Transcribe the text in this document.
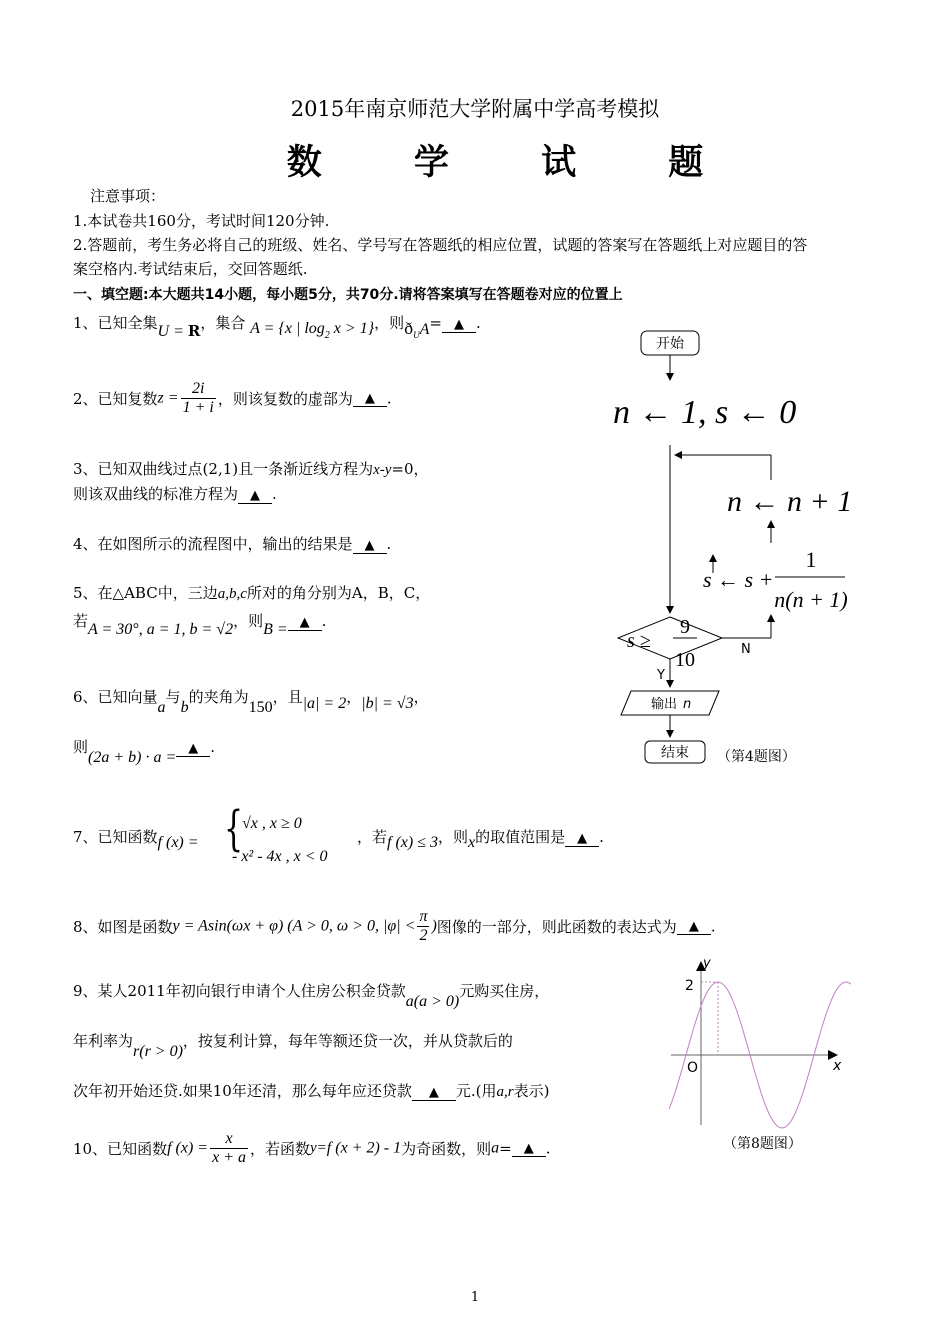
2015年南京师范大学附属中学高考模拟
数 学 试 题
注意事项：
1.本试卷共160分，考试时间120分钟.
2.答题前，考生务必将自己的班级、姓名、学号写在答题纸的相应位置，试题的答案写在答题纸上对应题目的答
案空格内.考试结束后，交回答题纸.
一、填空题:本大题共14小题，每小题5分，共70分.请将答案填写在答题卷对应的位置上
1、已知全集U = R，集合 A = {x | $\log_2 x > 1$}，则$ð_UA=$ ▲ .
2、已知复数$z = \frac{2i}{1 + i}$ ，则该复数的虚部为 ▲ .
3、已知双曲线过点(2,1)且一条渐近线方程为x-y=0，
则该双曲线的标准方程为 ▲ .
4、在如图所示的流程图中，输出的结果是 ▲ .
5、在△ABC中，三边a,b,c所对的角分别为A，B，C，
若A = 30°, a = 1, b = √2，则B = ▲ .
6、已知向量a与b的夹角为150，且|a| = 2，|b| = √3，
则(2a + b) · a =▲ .
7、已知函数f (x) = {
√x , x ≥ 0
- x² - 4x , x < 0
，若f (x) ≤ 3，则x的取值范围是 ▲ .
8、如图是函数y = Asin(ωx + φ) (A > 0, ω > 0, $|\varphi| < \frac{\pi}{2}$ )图像的一部分，则此函数的表达式为 ▲ .
9、某人2011年初向银行申请个人住房公积金贷款a(a > 0)元购买住房，
年利率为r(r > 0)，按复利计算，每年等额还贷一次，并从贷款后的
次年初开始还贷.如果10年还清，那么每年应还贷款 ▲ 元.(用a,r表示)
10、已知函数f $(x) = \frac{x}{x + a}$ ，若函数y=f (x + 2) - 1为奇函数，则a= ▲ .
开始
n ← 1, s ← 0
n ← n + 1
s ← s +
1
n(n + 1)
s ≥
9
10	N
Y
输出 n
结束 （第4题图）
y
x
2
O
（第8题图）
1
